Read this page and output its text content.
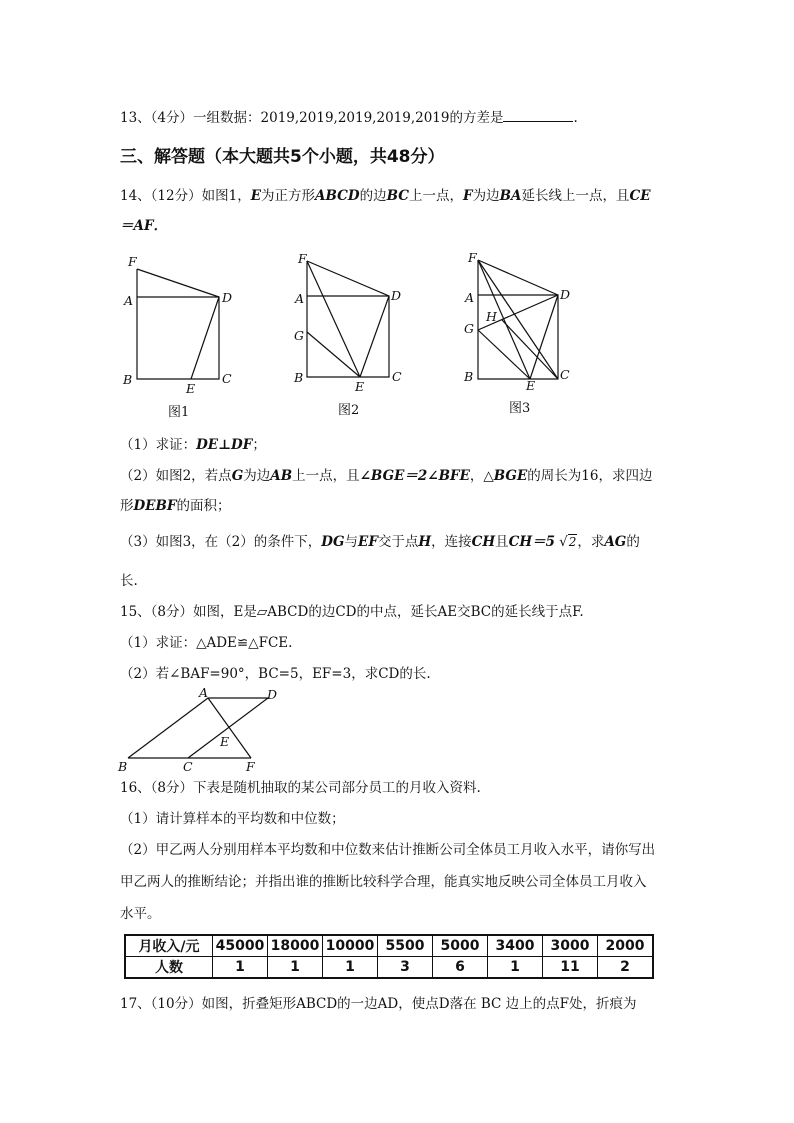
13、（4分）一组数据：2019,2019,2019,2019,2019的方差是	.
三、解答题（本大题共5个小题，共48分）
14、（12分）如图1，E为正方形ABCD的边BC上一点，F为边BA延长线上一点，且CE
＝AF．
F
A	D
B
E
C
图1
F
A	D
G
B
E
C
图2
F
A	D
H
G
B
E
C
图3
（1）求证：DE⊥DF；
（2）如图2，若点G为边AB上一点，且∠BGE＝2∠BFE，△BGE的周长为16，求四边
形DEBF的面积；
（3）如图3，在（2）的条件下，DG与EF交于点H，连接CH且CH＝5 √2，求AG的
长.
15、（8分）如图，E是▱ABCD的边CD的中点，延长AE交BC的延长线于点F.
（1）求证：△ADE≌△FCE.
（2）若∠BAF=90°，BC=5，EF=3，求CD的长.
A	D
E
B	C	F
16、（8分）下表是随机抽取的某公司部分员工的月收入资料.
（1）请计算样本的平均数和中位数；
（2）甲乙两人分别用样本平均数和中位数来估计推断公司全体员工月收入水平，请你写出
甲乙两人的推断结论；并指出谁的推断比较科学合理，能真实地反映公司全体员工月收入
水平。
月收入/元	45000	18000	10000	5500	5000	3400	3000	2000
人数	1	1	1	3	6	1	11	2
17、（10分）如图，折叠矩形ABCD的一边AD，使点D落在 BC 边上的点F处，折痕为
